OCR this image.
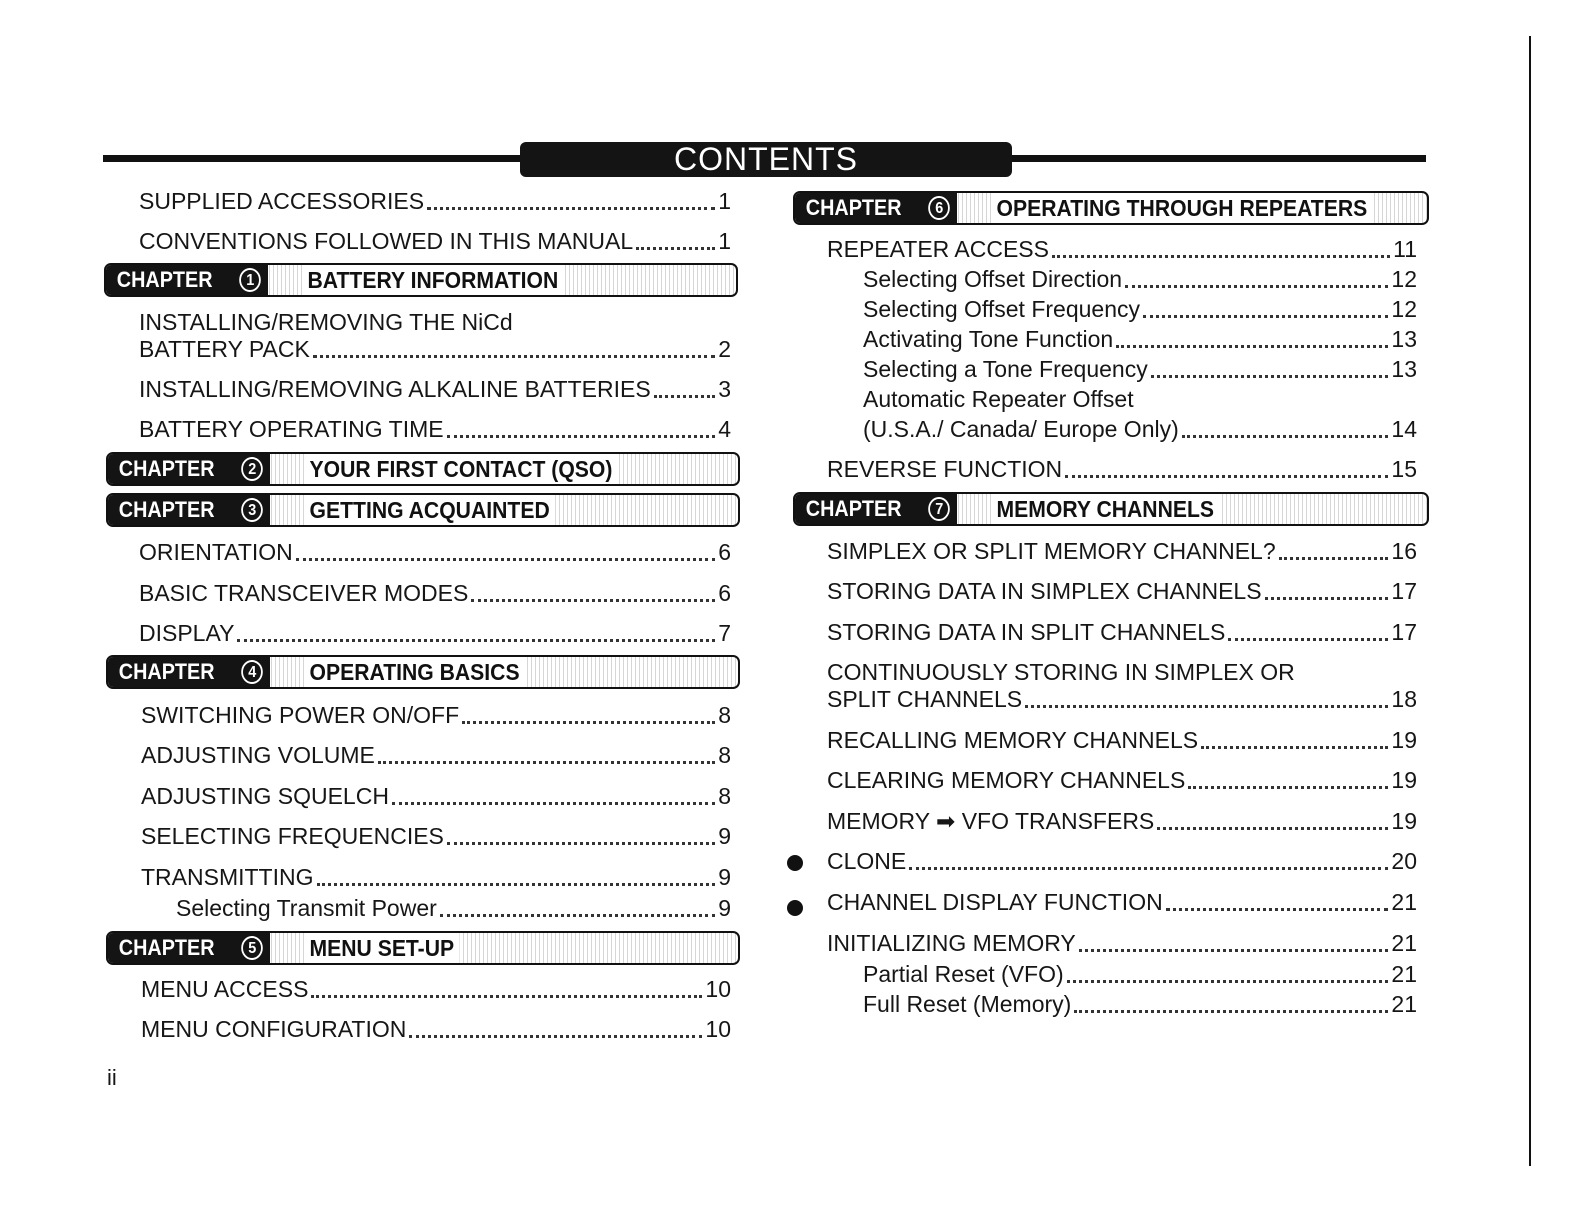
CONTENTS
SUPPLIED ACCESSORIES	1
CONVENTIONS FOLLOWED IN THIS MANUAL	1
CHAPTER	1 BATTERY INFORMATION
INSTALLING/REMOVING THE NiCd
BATTERY PACK	2
INSTALLING/REMOVING ALKALINE BATTERIES	3
BATTERY OPERATING TIME	4
CHAPTER	2 YOUR FIRST CONTACT (QSO)
CHAPTER	3 GETTING ACQUAINTED
ORIENTATION	6
BASIC TRANSCEIVER MODES	6
DISPLAY	7
CHAPTER	4 OPERATING BASICS
SWITCHING POWER ON/OFF	8
ADJUSTING VOLUME	8
ADJUSTING SQUELCH	8
SELECTING FREQUENCIES	9
TRANSMITTING	9
Selecting Transmit Power	9
CHAPTER	5 MENU SET-UP
MENU ACCESS	10
MENU CONFIGURATION	10
CHAPTER	6 OPERATING THROUGH REPEATERS
REPEATER ACCESS	11
Selecting Offset Direction	12
Selecting Offset Frequency	12
Activating Tone Function	13
Selecting a Tone Frequency	13
Automatic Repeater Offset
(U.S.A./ Canada/ Europe Only)	14
REVERSE FUNCTION	15
CHAPTER	7 MEMORY CHANNELS
SIMPLEX OR SPLIT MEMORY CHANNEL?	16
STORING DATA IN SIMPLEX CHANNELS	17
STORING DATA IN SPLIT CHANNELS	17
CONTINUOUSLY STORING IN SIMPLEX OR
SPLIT CHANNELS	18
RECALLING MEMORY CHANNELS	19
CLEARING MEMORY CHANNELS	19
MEMORY ➡ VFO TRANSFERS	19
CLONE	20
CHANNEL DISPLAY FUNCTION	21
INITIALIZING MEMORY	21
Partial Reset (VFO)	21
Full Reset (Memory)	21
ii
